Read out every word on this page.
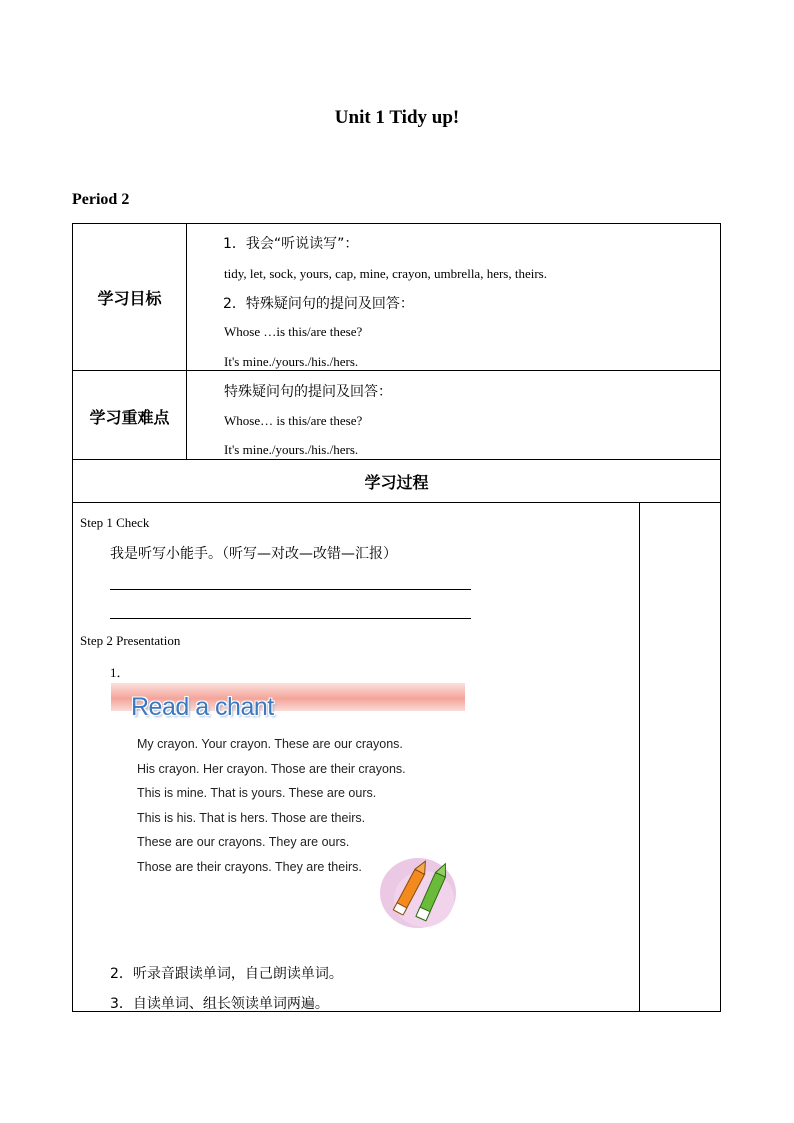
Unit 1 Tidy up!
Period 2
学习目标
1．我会“听说读写”：
tidy, let, sock, yours, cap, mine, crayon, umbrella, hers, theirs.
2．特殊疑问句的提问及回答：
Whose …is this/are these?
It's mine./yours./his./hers.
学习重难点
特殊疑问句的提问及回答：
Whose… is this/are these?
It's mine./yours./his./hers.
学习过程
Step 1 Check
我是听写小能手。（听写—对改—改错—汇报）
Step 2 Presentation
1．
Read a chant
My crayon. Your crayon. These are our crayons.
His crayon. Her crayon. Those are their crayons.
This is mine. That is yours. These are ours.
This is his. That is hers. Those are theirs.
These are our crayons. They are ours.
Those are their crayons. They are theirs.
2．听录音跟读单词，自己朗读单词。
3．自读单词、组长领读单词两遍。
